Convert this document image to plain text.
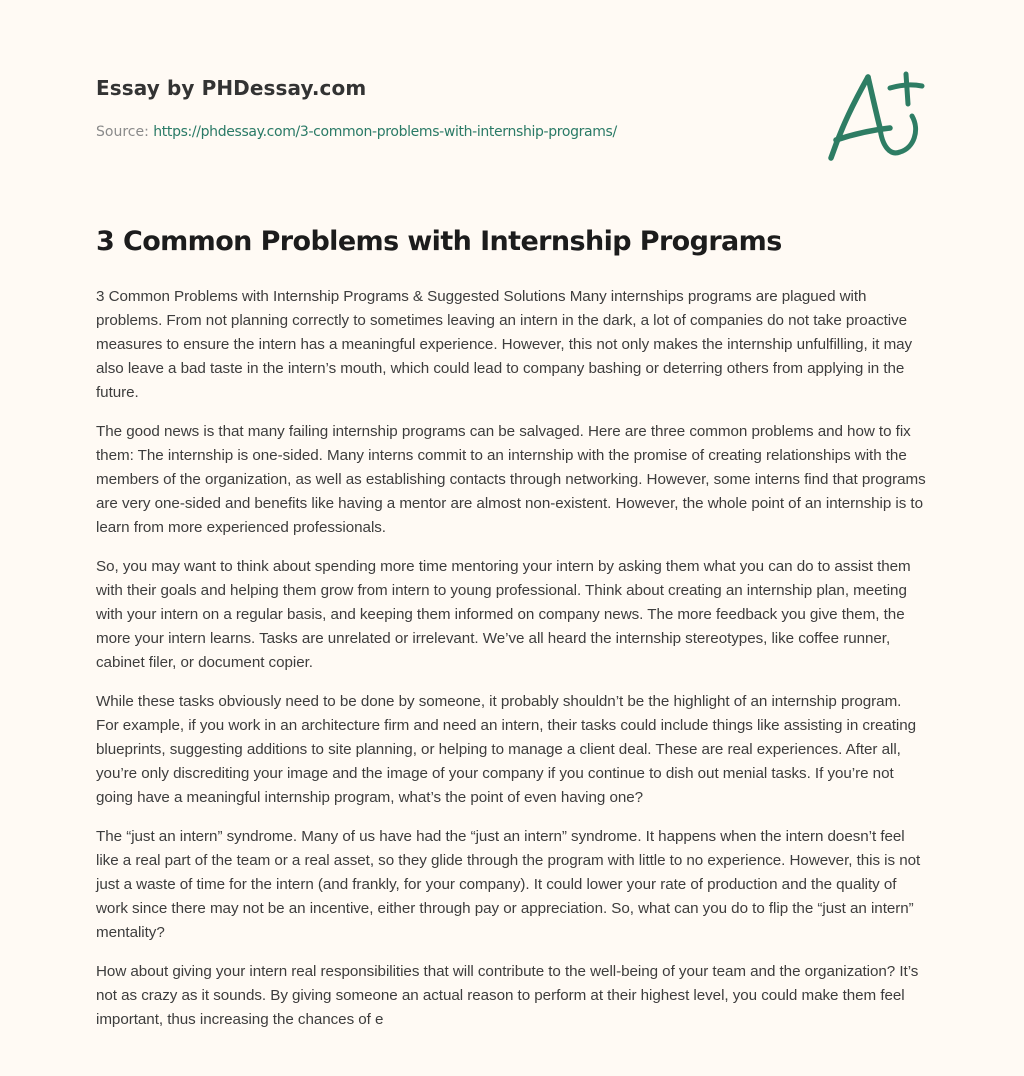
Essay by PHDessay.com
Source: https://phdessay.com/3-common-problems-with-internship-programs/
3 Common Problems with Internship Programs

3 Common Problems with Internship Programs & Suggested Solutions Many internships programs are plagued with problems. From not planning correctly to sometimes leaving an intern in the dark, a lot of companies do not take proactive measures to ensure the intern has a meaningful experience. However, this not only makes the internship unfulfilling, it may also leave a bad taste in the intern’s mouth, which could lead to company bashing or deterring others from applying in the future.

The good news is that many failing internship programs can be salvaged. Here are three common problems and how to fix them: The internship is one-sided. Many interns commit to an internship with the promise of creating relationships with the members of the organization, as well as establishing contacts through networking. However, some interns find that programs are very one-sided and benefits like having a mentor are almost non-existent. However, the whole point of an internship is to learn from more experienced professionals.

So, you may want to think about spending more time mentoring your intern by asking them what you can do to assist them with their goals and helping them grow from intern to young professional. Think about creating an internship plan, meeting with your intern on a regular basis, and keeping them informed on company news. The more feedback you give them, the more your intern learns. Tasks are unrelated or irrelevant. We’ve all heard the internship stereotypes, like coffee runner, cabinet filer, or document copier.

While these tasks obviously need to be done by someone, it probably shouldn’t be the highlight of an internship program. For example, if you work in an architecture firm and need an intern, their tasks could include things like assisting in creating blueprints, suggesting additions to site planning, or helping to manage a client deal. These are real experiences. After all, you’re only discrediting your image and the image of your company if you continue to dish out menial tasks. If you’re not going have a meaningful internship program, what’s the point of even having one?

The “just an intern” syndrome. Many of us have had the “just an intern” syndrome. It happens when the intern doesn’t feel like a real part of the team or a real asset, so they glide through the program with little to no experience. However, this is not just a waste of time for the intern (and frankly, for your company). It could lower your rate of production and the quality of work since there may not be an incentive, either through pay or appreciation. So, what can you do to flip the “just an intern” mentality?

How about giving your intern real responsibilities that will contribute to the well-being of your team and the organization? It’s not as crazy as it sounds. By giving someone an actual reason to perform at their highest level, you could make them feel important, thus increasing the chances of e
